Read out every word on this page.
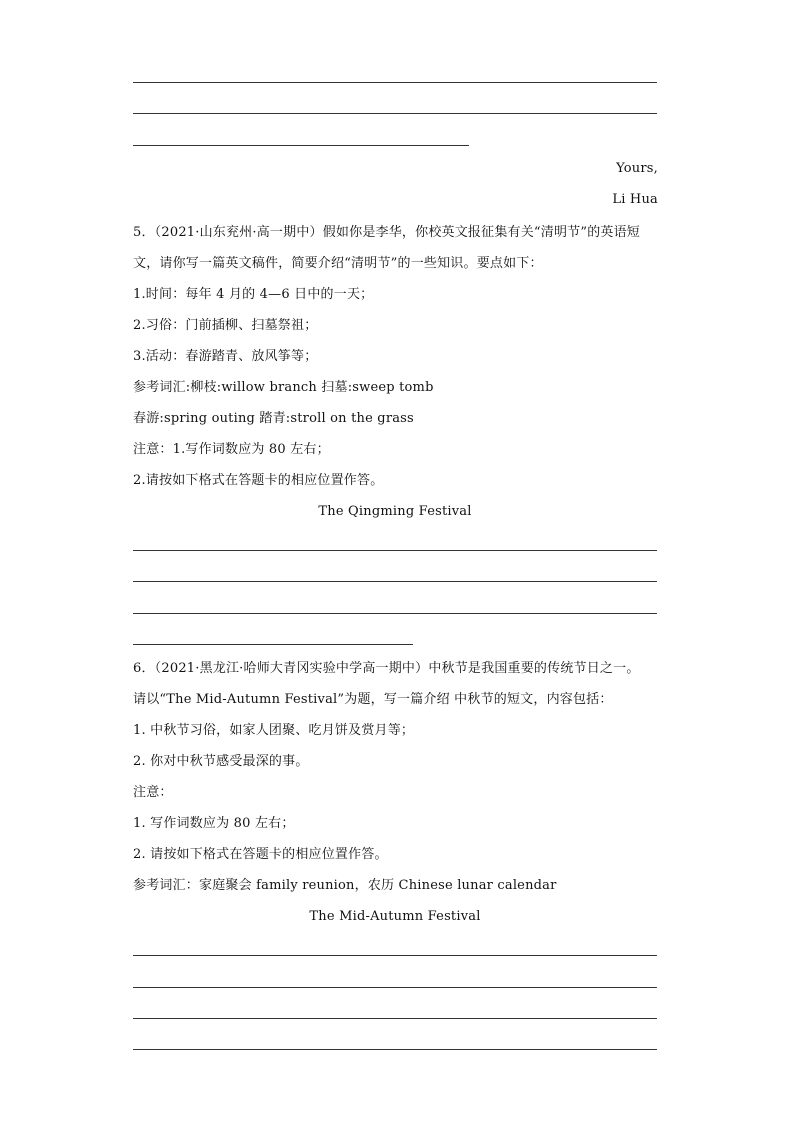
Yours,
Li Hua
5．（2021·山东兖州·高一期中）假如你是李华，你校英文报征集有关“清明节”的英语短
文，请你写一篇英文稿件，简要介绍“清明节”的一些知识。要点如下：
1.时间：每年 4 月的 4—6 日中的一天；
2.习俗：门前插柳、扫墓祭祖；
3.活动：春游踏青、放风筝等；
参考词汇:柳枝:willow branch 扫墓:sweep tomb
春游:spring outing 踏青:stroll on the grass
注意：1.写作词数应为 80 左右；
2.请按如下格式在答题卡的相应位置作答。
The Qingming Festival
6．（2021·黑龙江·哈师大青冈实验中学高一期中）中秋节是我国重要的传统节日之一。
请以“The Mid-Autumn Festival”为题，写一篇介绍 中秋节的短文，内容包括：
1. 中秋节习俗，如家人团聚、吃月饼及赏月等；
2. 你对中秋节感受最深的事。
注意：
1. 写作词数应为 80 左右；
2. 请按如下格式在答题卡的相应位置作答。
参考词汇：家庭聚会 family reunion，农历 Chinese lunar calendar
The Mid-Autumn Festival
